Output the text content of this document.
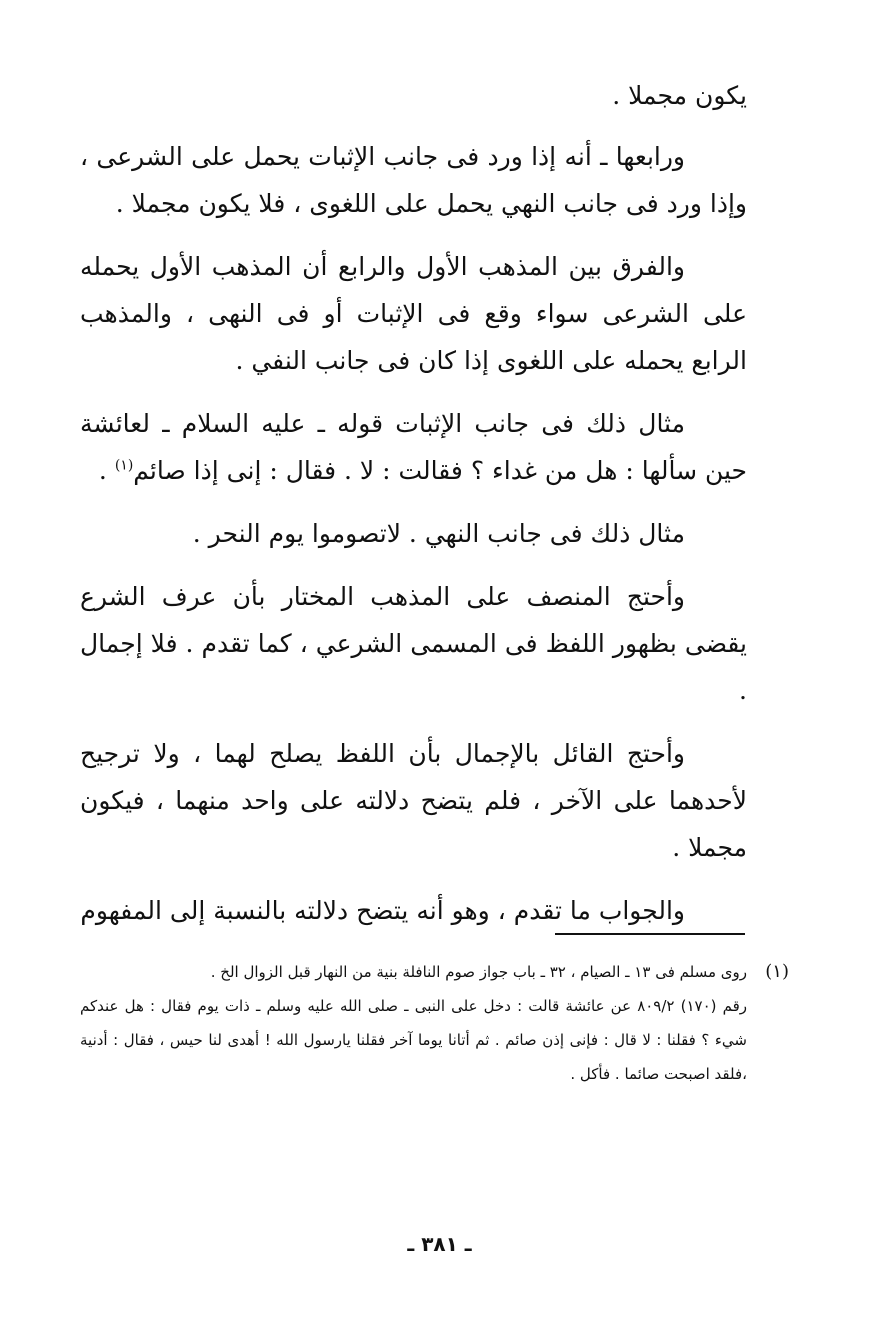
يكون مجملا .

ورابعها ـ أنه إذا ورد فى جانب الإثبات يحمل على الشرعى ، وإذا ورد فى جانب النهي يحمل على اللغوى ، فلا يكون مجملا .

والفرق بين المذهب الأول والرابع أن المذهب الأول يحمله على الشرعى سواء وقع فى الإثبات أو فى النهى ، والمذهب الرابع يحمله على اللغوى إذا كان فى جانب النفي .

مثال ذلك فى جانب الإثبات قوله ـ عليه السلام ـ لعائشة حين سألها : هل من غداء ؟ فقالت : لا . فقال : إنى إذا صائم$^{(١)}$ .

مثال ذلك فى جانب النهي . لاتصوموا يوم النحر .

وأحتج المنصف على المذهب المختار بأن عرف الشرع يقضى بظهور اللفظ فى المسمى الشرعي ، كما تقدم . فلا إجمال .

وأحتج القائل بالإجمال بأن اللفظ يصلح لهما ، ولا ترجيح لأحدهما على الآخر ، فلم يتضح دلالته على واحد منهما ، فيكون مجملا .

والجواب ما تقدم ، وهو أنه يتضح دلالته بالنسبة إلى المفهوم

(١)

روى مسلم فى ١٣ ـ الصيام ، ٣٢ ـ باب جواز صوم النافلة بنية من النهار قبل الزوال الخ .

رقم (١٧٠) ٨٠٩/٢ عن عائشة قالت : دخل على النبى ـ صلى الله عليه وسلم ـ ذات يوم فقال : هل عندكم شيء ؟ فقلنا : لا قال : فإنى إذن صائم . ثم أتانا يوما آخر فقلنا يارسول الله ! أهدى لنا حيس ، فقال : أدنية ،فلقد اصبحت صائما . فأكل .

ـ ٣٨١ ـ
